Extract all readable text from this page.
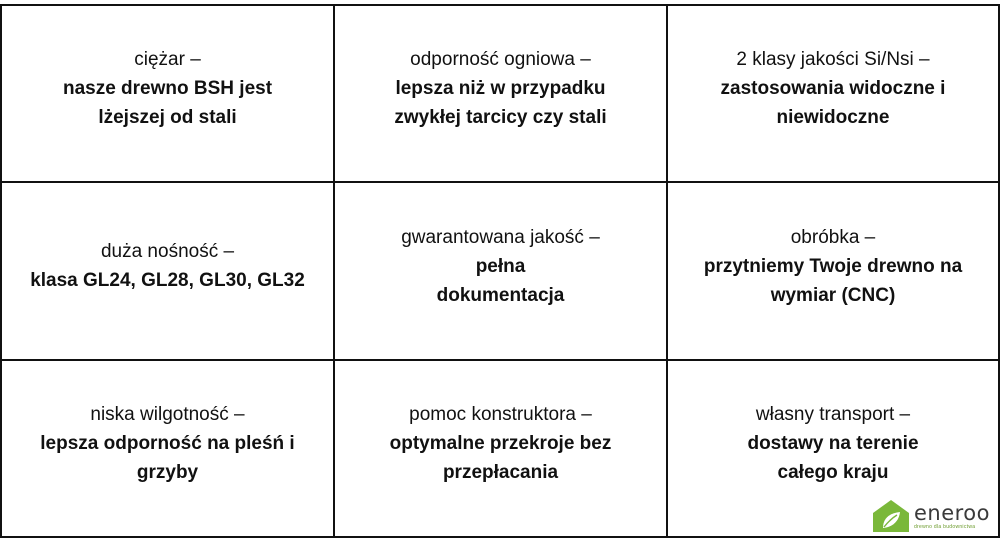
ciężar –
nasze drewno BSH jest
lżejszej od stali
odporność ogniowa –
lepsza niż w przypadku
zwykłej tarcicy czy stali
2 klasy jakości Si/Nsi –
zastosowania widoczne i
niewidoczne
duża nośność –
klasa GL24, GL28, GL30, GL32
gwarantowana jakość –
pełna
dokumentacja
obróbka –
przytniemy Twoje drewno na
wymiar (CNC)
niska wilgotność –
lepsza odporność na pleśń i
grzyby
pomoc konstruktora –
optymalne przekroje bez
przepłacania
własny transport –
dostawy na terenie
całego kraju
eneroo
drewno dla budownictwa
